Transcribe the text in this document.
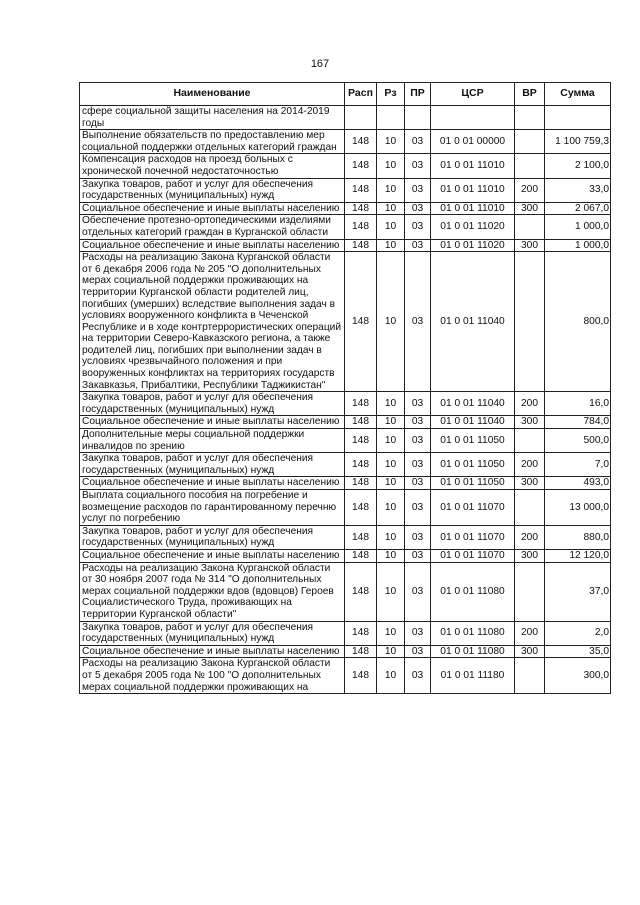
167
Наименование	Расп	Рз	ПР	ЦСР	ВР	Сумма
сфере социальной защиты населения на 2014-2019 годы						
Выполнение обязательств по предоставлению мер социальной поддержки отдельных категорий граждан	148	10	03	01 0 01 00000		1 100 759,3
Компенсация расходов на проезд больных с хронической почечной недостаточностью	148	10	03	01 0 01 11010		2 100,0
Закупка товаров, работ и услуг для обеспечения государственных (муниципальных) нужд	148	10	03	01 0 01 11010	200	33,0
Социальное обеспечение и иные выплаты населению	148	10	03	01 0 01 11010	300	2 067,0
Обеспечение протезно-ортопедическими изделиями отдельных категорий граждан в Курганской области	148	10	03	01 0 01 11020		1 000,0
Социальное обеспечение и иные выплаты населению	148	10	03	01 0 01 11020	300	1 000,0
Расходы на реализацию Закона Курганской области от 6 декабря 2006 года № 205 "О дополнительных мерах социальной поддержки проживающих на территории Курганской области родителей лиц, погибших (умерших) вследствие выполнения задач в условиях вооруженного конфликта в Чеченской Республике и в ходе контртеррористических операций на территории Северо-Кавказского региона, а также родителей лиц, погибших при выполнении задач в условиях чрезвычайного положения и при вооруженных конфликтах на территориях государств Закавказья, Прибалтики, Республики Таджикистан"	148	10	03	01 0 01 11040		800,0
Закупка товаров, работ и услуг для обеспечения государственных (муниципальных) нужд	148	10	03	01 0 01 11040	200	16,0
Социальное обеспечение и иные выплаты населению	148	10	03	01 0 01 11040	300	784,0
Дополнительные меры социальной поддержки инвалидов по зрению	148	10	03	01 0 01 11050		500,0
Закупка товаров, работ и услуг для обеспечения государственных (муниципальных) нужд	148	10	03	01 0 01 11050	200	7,0
Социальное обеспечение и иные выплаты населению	148	10	03	01 0 01 11050	300	493,0
Выплата социального пособия на погребение и возмещение расходов по гарантированному перечню услуг по погребению	148	10	03	01 0 01 11070		13 000,0
Закупка товаров, работ и услуг для обеспечения государственных (муниципальных) нужд	148	10	03	01 0 01 11070	200	880,0
Социальное обеспечение и иные выплаты населению	148	10	03	01 0 01 11070	300	12 120,0
Расходы на реализацию Закона Курганской области от 30 ноября 2007 года № 314 "О дополнительных мерах социальной поддержки вдов (вдовцов) Героев Социалистического Труда, проживающих на территории Курганской области"	148	10	03	01 0 01 11080		37,0
Закупка товаров, работ и услуг для обеспечения государственных (муниципальных) нужд	148	10	03	01 0 01 11080	200	2,0
Социальное обеспечение и иные выплаты населению	148	10	03	01 0 01 11080	300	35,0
Расходы на реализацию Закона Курганской области от 5 декабря 2005 года № 100 "О дополнительных мерах социальной поддержки проживающих на	148	10	03	01 0 01 11180		300,0
